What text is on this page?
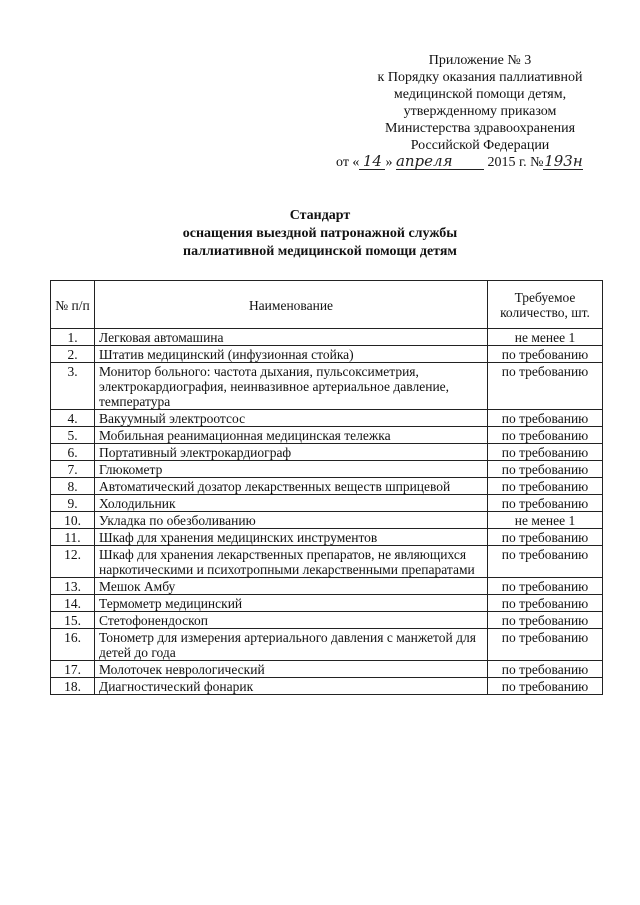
Приложение № 3
к Порядку оказания паллиативной
медицинской помощи детям,
утвержденному приказом
Министерства здравоохранения
Российской Федерации
от « 14 » апреля 2015 г. №193н
Стандарт
оснащения выездной патронажной службы
паллиативной медицинской помощи детям
№ п/п	Наименование	Требуемое количество, шт.
1.	Легковая автомашина	не менее 1
2.	Штатив медицинский (инфузионная стойка)	по требованию
3.	Монитор больного: частота дыхания, пульсоксиметрия, электрокардиография, неинвазивное артериальное давление, температура	по требованию
4.	Вакуумный электроотсос	по требованию
5.	Мобильная реанимационная медицинская тележка	по требованию
6.	Портативный электрокардиограф	по требованию
7.	Глюкометр	по требованию
8.	Автоматический дозатор лекарственных веществ шприцевой	по требованию
9.	Холодильник	по требованию
10.	Укладка по обезболиванию	не менее 1
11.	Шкаф для хранения медицинских инструментов	по требованию
12.	Шкаф для хранения лекарственных препаратов, не являющихся наркотическими и психотропными лекарственными препаратами	по требованию
13.	Мешок Амбу	по требованию
14.	Термометр медицинский	по требованию
15.	Стетофонендоскоп	по требованию
16.	Тонометр для измерения артериального давления с манжетой для детей до года	по требованию
17.	Молоточек неврологический	по требованию
18.	Диагностический фонарик	по требованию
